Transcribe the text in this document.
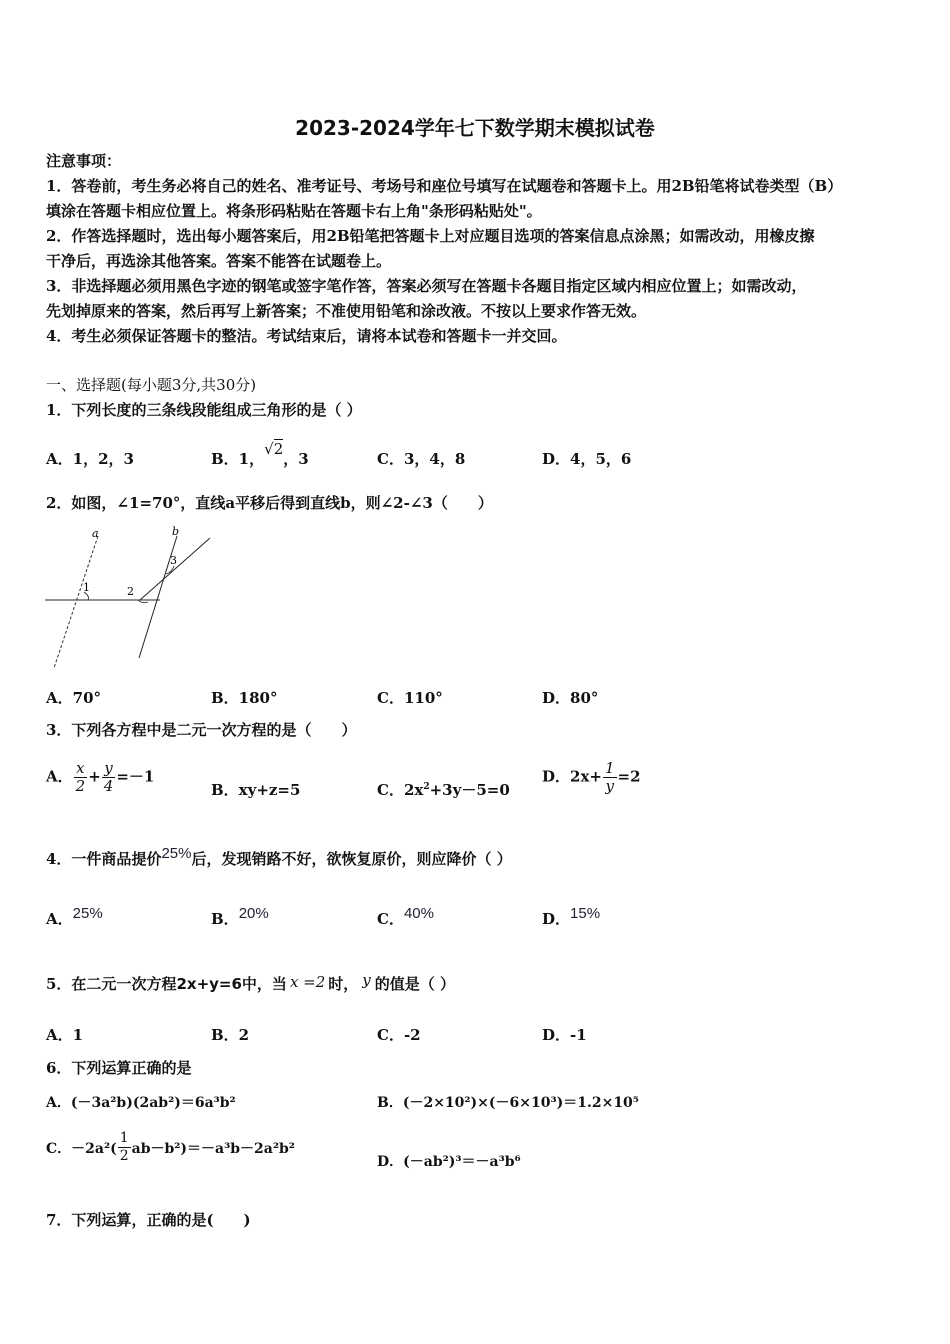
2023-2024学年七下数学期末模拟试卷
注意事项：
1．答卷前，考生务必将自己的姓名、准考证号、考场号和座位号填写在试题卷和答题卡上。用2B铅笔将试卷类型（B）
填涂在答题卡相应位置上。将条形码粘贴在答题卡右上角"条形码粘贴处"。
2．作答选择题时，选出每小题答案后，用2B铅笔把答题卡上对应题目选项的答案信息点涂黑；如需改动，用橡皮擦
干净后，再选涂其他答案。答案不能答在试题卷上。
3．非选择题必须用黑色字迹的钢笔或签字笔作答，答案必须写在答题卡各题目指定区域内相应位置上；如需改动，
先划掉原来的答案，然后再写上新答案；不准使用铅笔和涂改液。不按以上要求作答无效。
4．考生必须保证答题卡的整洁。考试结束后，请将本试卷和答题卡一并交回。
一、选择题(每小题3分,共30分)
1．下列长度的三条线段能组成三角形的是（ ）
A．1，2，3	B．1，√2，3	C．3，4，8	D．4，5，6
2．如图，∠1=70°，直线a平移后得到直线b，则∠2-∠3（　　）
a	b
1	2
3
A．70°	B．180°	C．110°	D．80°
3．下列各方程中是二元一次方程的是（　　）
A． $\frac{x}{2} + \frac{y}{4} =-1$
B．xy+z=5	C．$2x^2+3y-5=0$
D．$2x+ \frac{1}{y} =2$
4．一件商品提价25%后，发现销路不好，欲恢复原价，则应降价（ ）
A．25%	B．20%	C．40%	D．15%
5．在二元一次方程2x+y=6中，当 x =2 时， y 的值是（ ）
A．1	B．2	C．-2	D．-1
6．下列运算正确的是
A．(－3a²b)(2ab²)＝6a³b²	B．(－2×10²)×(－6×10³)＝1.2×10⁵
C．$-2a^2( \frac{1}{2} ab-b^2)=-a^3b-2a^2b^2$
D．(－ab²)³＝－a³b⁶
7．下列运算，正确的是(　　)
